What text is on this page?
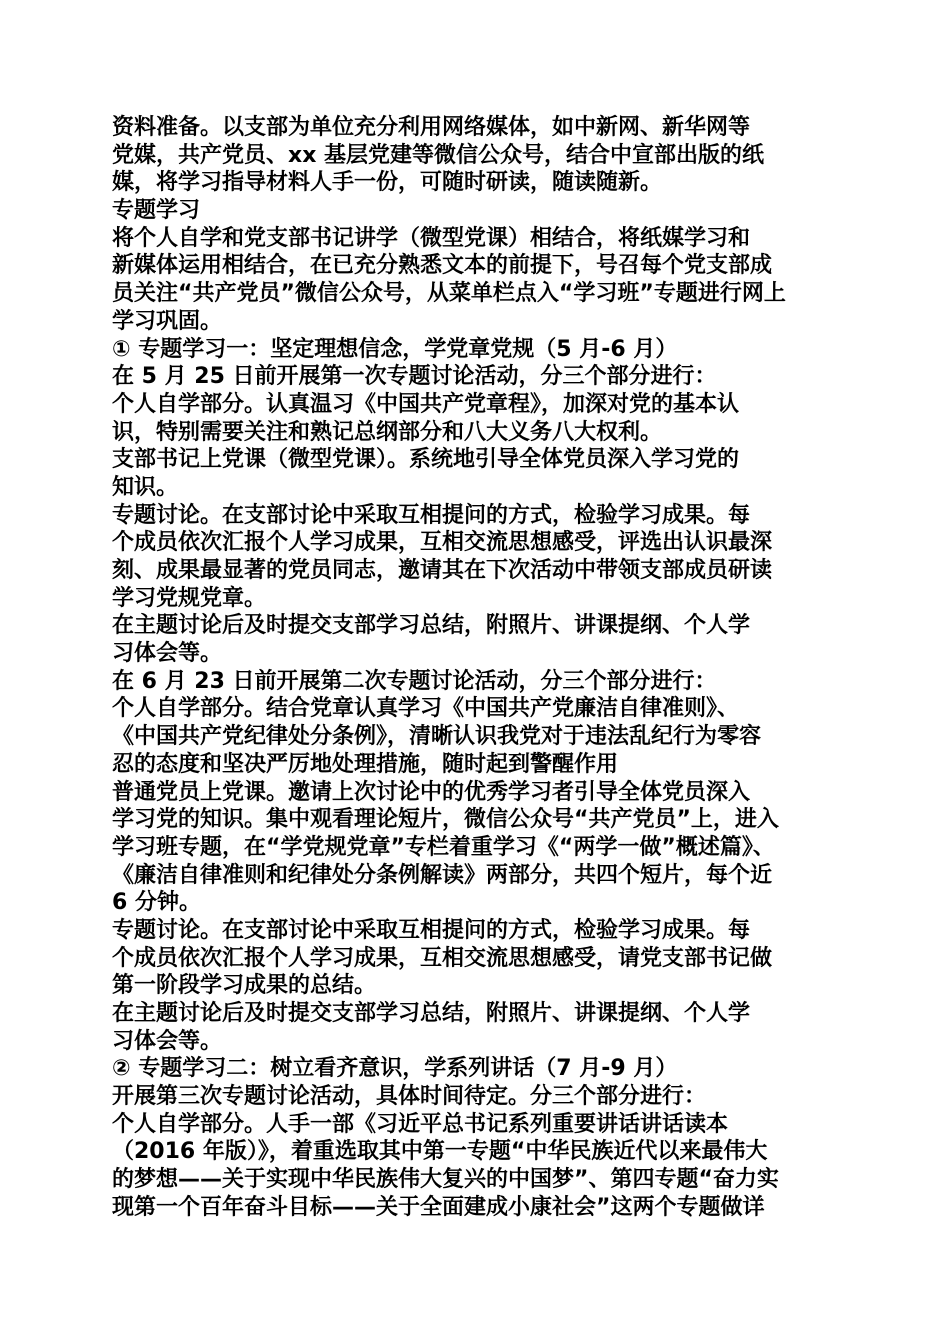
资料准备。以支部为单位充分利用网络媒体，如中新网、新华网等
党媒，共产党员、xx 基层党建等微信公众号，结合中宣部出版的纸
媒，将学习指导材料人手一份，可随时研读，随读随新。
专题学习
将个人自学和党支部书记讲学（微型党课）相结合，将纸媒学习和
新媒体运用相结合，在已充分熟悉文本的前提下，号召每个党支部成
员关注“共产党员”微信公众号，从菜单栏点入“学习班”专题进行网上
学习巩固。
① 专题学习一：坚定理想信念，学党章党规（5 月-6 月）
在 5 月 25 日前开展第一次专题讨论活动，分三个部分进行：
个人自学部分。认真温习《中国共产党章程》，加深对党的基本认
识，特别需要关注和熟记总纲部分和八大义务八大权利。
支部书记上党课（微型党课）。系统地引导全体党员深入学习党的
知识。
专题讨论。在支部讨论中采取互相提问的方式，检验学习成果。每
个成员依次汇报个人学习成果，互相交流思想感受，评选出认识最深
刻、成果最显著的党员同志，邀请其在下次活动中带领支部成员研读
学习党规党章。
在主题讨论后及时提交支部学习总结，附照片、讲课提纲、个人学
习体会等。
在 6 月 23 日前开展第二次专题讨论活动，分三个部分进行：
个人自学部分。结合党章认真学习《中国共产党廉洁自律准则》、
《中国共产党纪律处分条例》，清晰认识我党对于违法乱纪行为零容
忍的态度和坚决严厉地处理措施，随时起到警醒作用
普通党员上党课。邀请上次讨论中的优秀学习者引导全体党员深入
学习党的知识。集中观看理论短片，微信公众号“共产党员”上，进入
学习班专题，在“学党规党章”专栏着重学习《“两学一做”概述篇》、
《廉洁自律准则和纪律处分条例解读》两部分，共四个短片，每个近
6 分钟。
专题讨论。在支部讨论中采取互相提问的方式，检验学习成果。每
个成员依次汇报个人学习成果，互相交流思想感受，请党支部书记做
第一阶段学习成果的总结。
在主题讨论后及时提交支部学习总结，附照片、讲课提纲、个人学
习体会等。
② 专题学习二：树立看齐意识，学系列讲话（7 月-9 月）
开展第三次专题讨论活动，具体时间待定。分三个部分进行：
个人自学部分。人手一部《习近平总书记系列重要讲话讲话读本
（2016 年版）》，着重选取其中第一专题“中华民族近代以来最伟大
的梦想——关于实现中华民族伟大复兴的中国梦”、第四专题“奋力实
现第一个百年奋斗目标——关于全面建成小康社会”这两个专题做详
